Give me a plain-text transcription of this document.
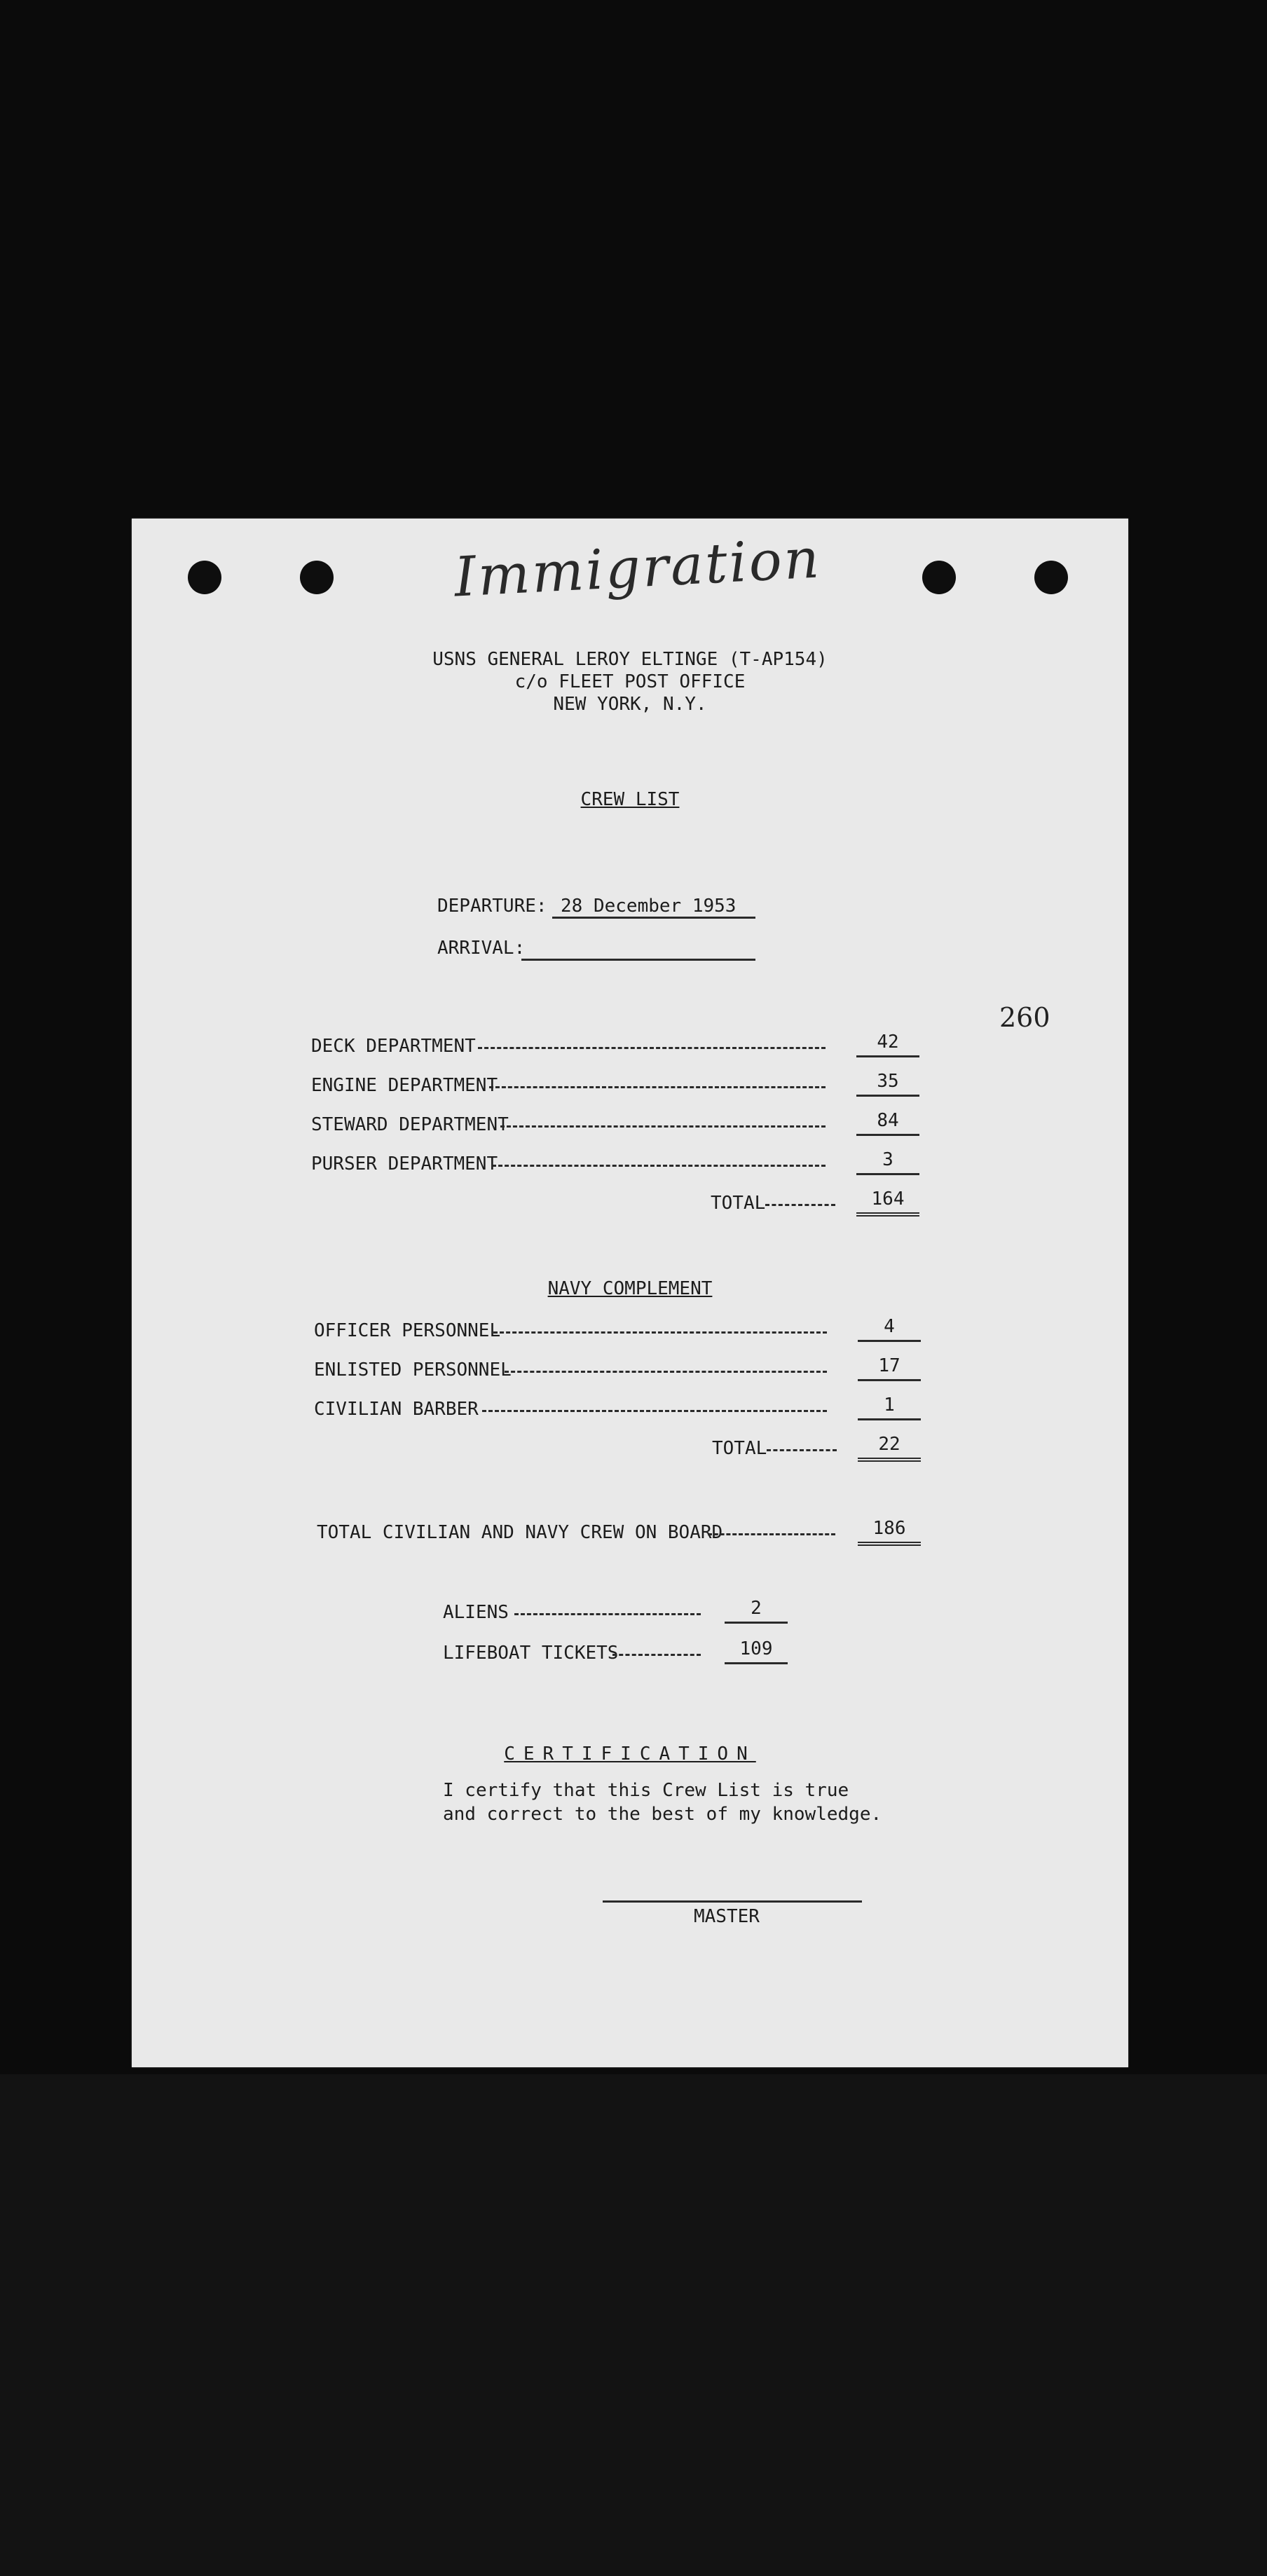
Immigration
USNS GENERAL LEROY ELTINGE (T-AP154)
c/o FLEET POST OFFICE
NEW YORK, N.Y.
CREW LIST
DEPARTURE: 28 December 1953
ARRIVAL:
260
DECK DEPARTMENT	42
ENGINE DEPARTMENT	35
STEWARD DEPARTMENT	84
PURSER DEPARTMENT	3
TOTAL	164
NAVY COMPLEMENT
OFFICER PERSONNEL	4
ENLISTED PERSONNEL	17
CIVILIAN BARBER	1
TOTAL	22
TOTAL CIVILIAN AND NAVY CREW ON BOARD	186
ALIENS	2
LIFEBOAT TICKETS	109
CERTIFICATION
I certify that this Crew List is true
and correct to the best of my knowledge.
MASTER
